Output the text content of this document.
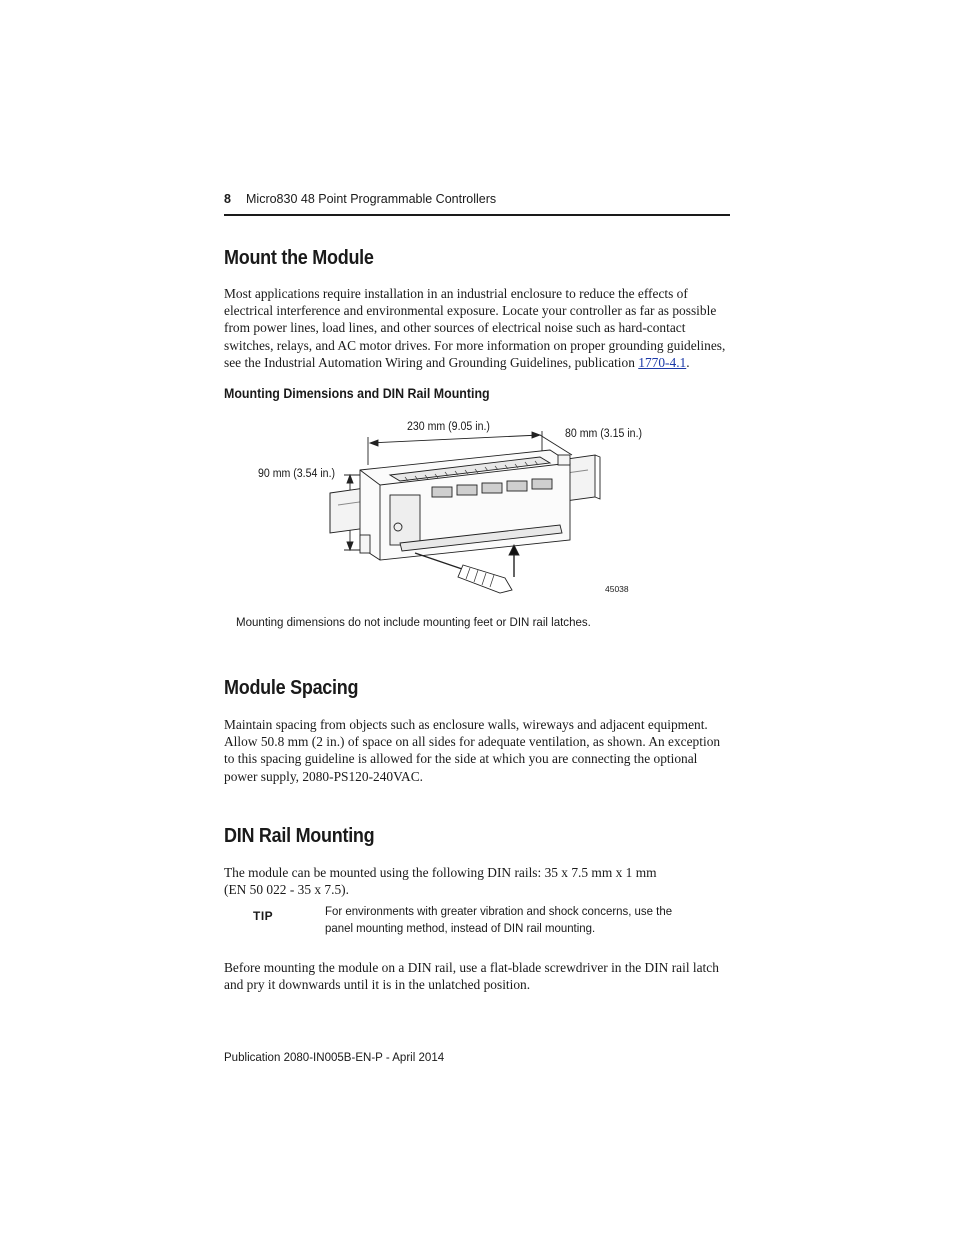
8 Micro830 48 Point Programmable Controllers
Mount the Module

Most applications require installation in an industrial enclosure to reduce the effects of electrical interference and environmental exposure. Locate your controller as far as possible from power lines, load lines, and other sources of electrical noise such as hard-contact switches, relays, and AC motor drives. For more information on proper grounding guidelines, see the Industrial Automation Wiring and Grounding Guidelines, publication 1770-4.1.

Mounting Dimensions and DIN Rail Mounting
230 mm (9.05 in.)
80 mm (3.15 in.)
90 mm (3.54 in.)
45038
Mounting dimensions do not include mounting feet or DIN rail latches.
Module Spacing

Maintain spacing from objects such as enclosure walls, wireways and adjacent equipment. Allow 50.8 mm (2 in.) of space on all sides for adequate ventilation, as shown. An exception to this spacing guideline is allowed for the side at which you are connecting the optional power supply, 2080-PS120-240VAC.

DIN Rail Mounting

The module can be mounted using the following DIN rails: 35 x 7.5 mm x 1 mm
(EN 50 022 - 35 x 7.5).

TIP	For environments with greater vibration and shock concerns, use the panel mounting method, instead of DIN rail mounting.

Before mounting the module on a DIN rail, use a flat-blade screwdriver in the DIN rail latch and pry it downwards until it is in the unlatched position.

Publication 2080-IN005B-EN-P - April 2014
